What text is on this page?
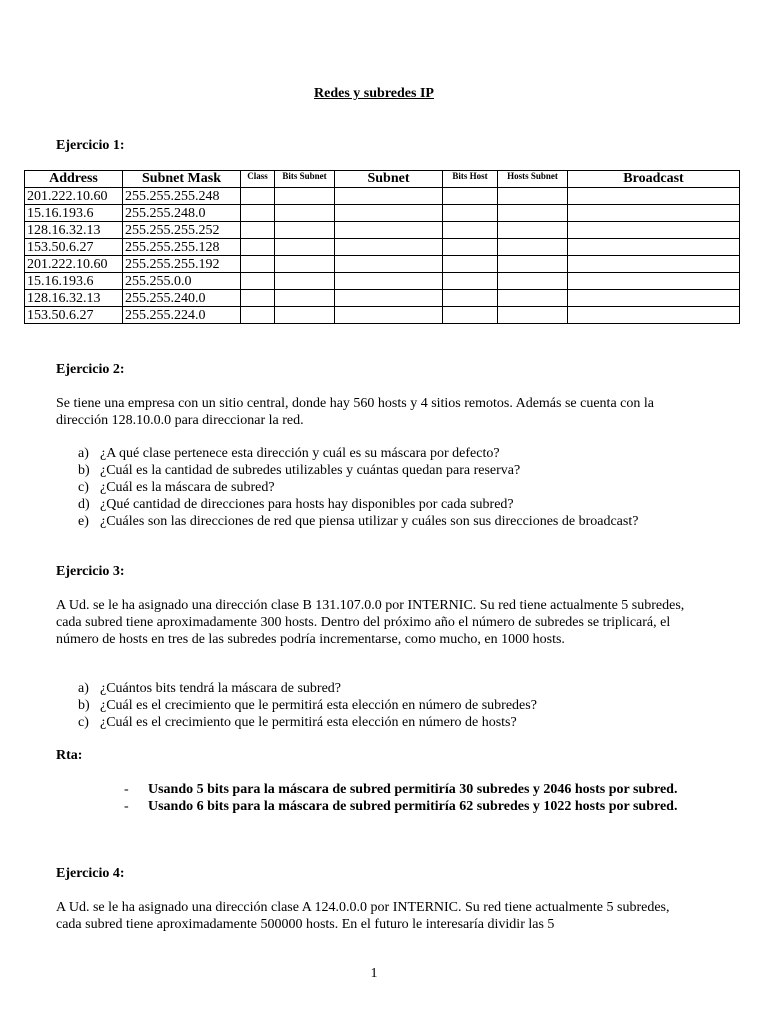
Redes y subredes IP
Ejercicio 1:
Address	Subnet Mask	Class	Bits Subnet	Subnet	Bits Host	Hosts Subnet	Broadcast
201.222.10.60	255.255.255.248						
15.16.193.6	255.255.248.0						
128.16.32.13	255.255.255.252						
153.50.6.27	255.255.255.128						
201.222.10.60	255.255.255.192						
15.16.193.6	255.255.0.0						
128.16.32.13	255.255.240.0						
153.50.6.27	255.255.224.0						
Ejercicio 2:
Se tiene una empresa con un sitio central, donde hay 560 hosts y 4 sitios remotos. Además se cuenta con la dirección 128.10.0.0 para direccionar la red.
a) ¿A qué clase pertenece esta dirección y cuál es su máscara por defecto?
b) ¿Cuál es la cantidad de subredes utilizables y cuántas quedan para reserva?
c) ¿Cuál es la máscara de subred?
d) ¿Qué cantidad de direcciones para hosts hay disponibles por cada subred?
e) ¿Cuáles son las direcciones de red que piensa utilizar y cuáles son sus direcciones de broadcast?
Ejercicio 3:
A Ud. se le ha asignado una dirección clase B 131.107.0.0 por INTERNIC. Su red tiene actualmente 5 subredes, cada subred tiene aproximadamente 300 hosts. Dentro del próximo año el número de subredes se triplicará, el número de hosts en tres de las subredes podría incrementarse, como mucho, en 1000 hosts.
a) ¿Cuántos bits tendrá la máscara de subred?
b) ¿Cuál es el crecimiento que le permitirá esta elección en número de subredes?
c) ¿Cuál es el crecimiento que le permitirá esta elección en número de hosts?
Rta:
- Usando 5 bits para la máscara de subred permitiría 30 subredes y 2046 hosts por subred.
- Usando 6 bits para la máscara de subred permitiría 62 subredes y 1022 hosts por subred.
Ejercicio 4:
A Ud. se le ha asignado una dirección clase A 124.0.0.0 por INTERNIC. Su red tiene actualmente 5 subredes, cada subred tiene aproximadamente 500000 hosts. En el futuro le interesaría dividir las 5
1
